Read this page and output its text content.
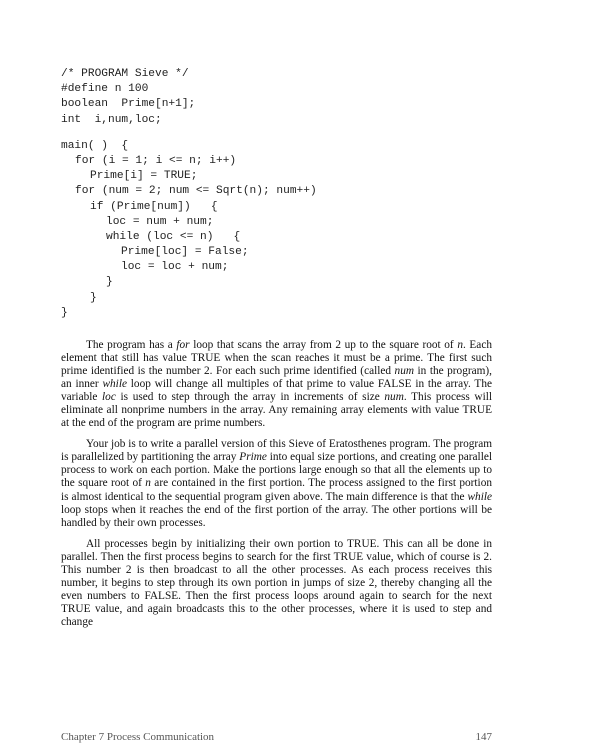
/* PROGRAM Sieve */
#define n 100
boolean  Prime[n+1];
int  i,num,loc;
main( )  {
for (i = 1; i <= n; i++)
Prime[i] = TRUE;
for (num = 2; num <= Sqrt(n); num++)
if (Prime[num])   {
loc = num + num;
while (loc <= n)   {
Prime[loc] = False;
loc = loc + num;
}
}
}

The program has a for loop that scans the array from 2 up to the square root of n. Each element that still has value TRUE when the scan reaches it must be a prime. The first such prime identified is the number 2. For each such prime identified (called num in the program), an inner while loop will change all multiples of that prime to value FALSE in the array. The variable loc is used to step through the array in increments of size num. This process will eliminate all nonprime numbers in the array. Any remaining array elements with value TRUE at the end of the program are prime numbers.

Your job is to write a parallel version of this Sieve of Eratosthenes program. The program is parallelized by partitioning the array Prime into equal size portions, and creating one parallel process to work on each portion. Make the portions large enough so that all the elements up to the square root of n are contained in the first portion. The process assigned to the first portion is almost identical to the sequential program given above. The main difference is that the while loop stops when it reaches the end of the first portion of the array. The other portions will be handled by their own processes.

All processes begin by initializing their own portion to TRUE. This can all be done in parallel. Then the first process begins to search for the first TRUE value, which of course is 2. This number 2 is then broadcast to all the other processes. As each process receives this number, it begins to step through its own portion in jumps of size 2, thereby changing all the even numbers to FALSE. Then the first process loops around again to search for the next TRUE value, and again broadcasts this to the other processes, where it is used to step and change

Chapter 7 Process Communication	147
